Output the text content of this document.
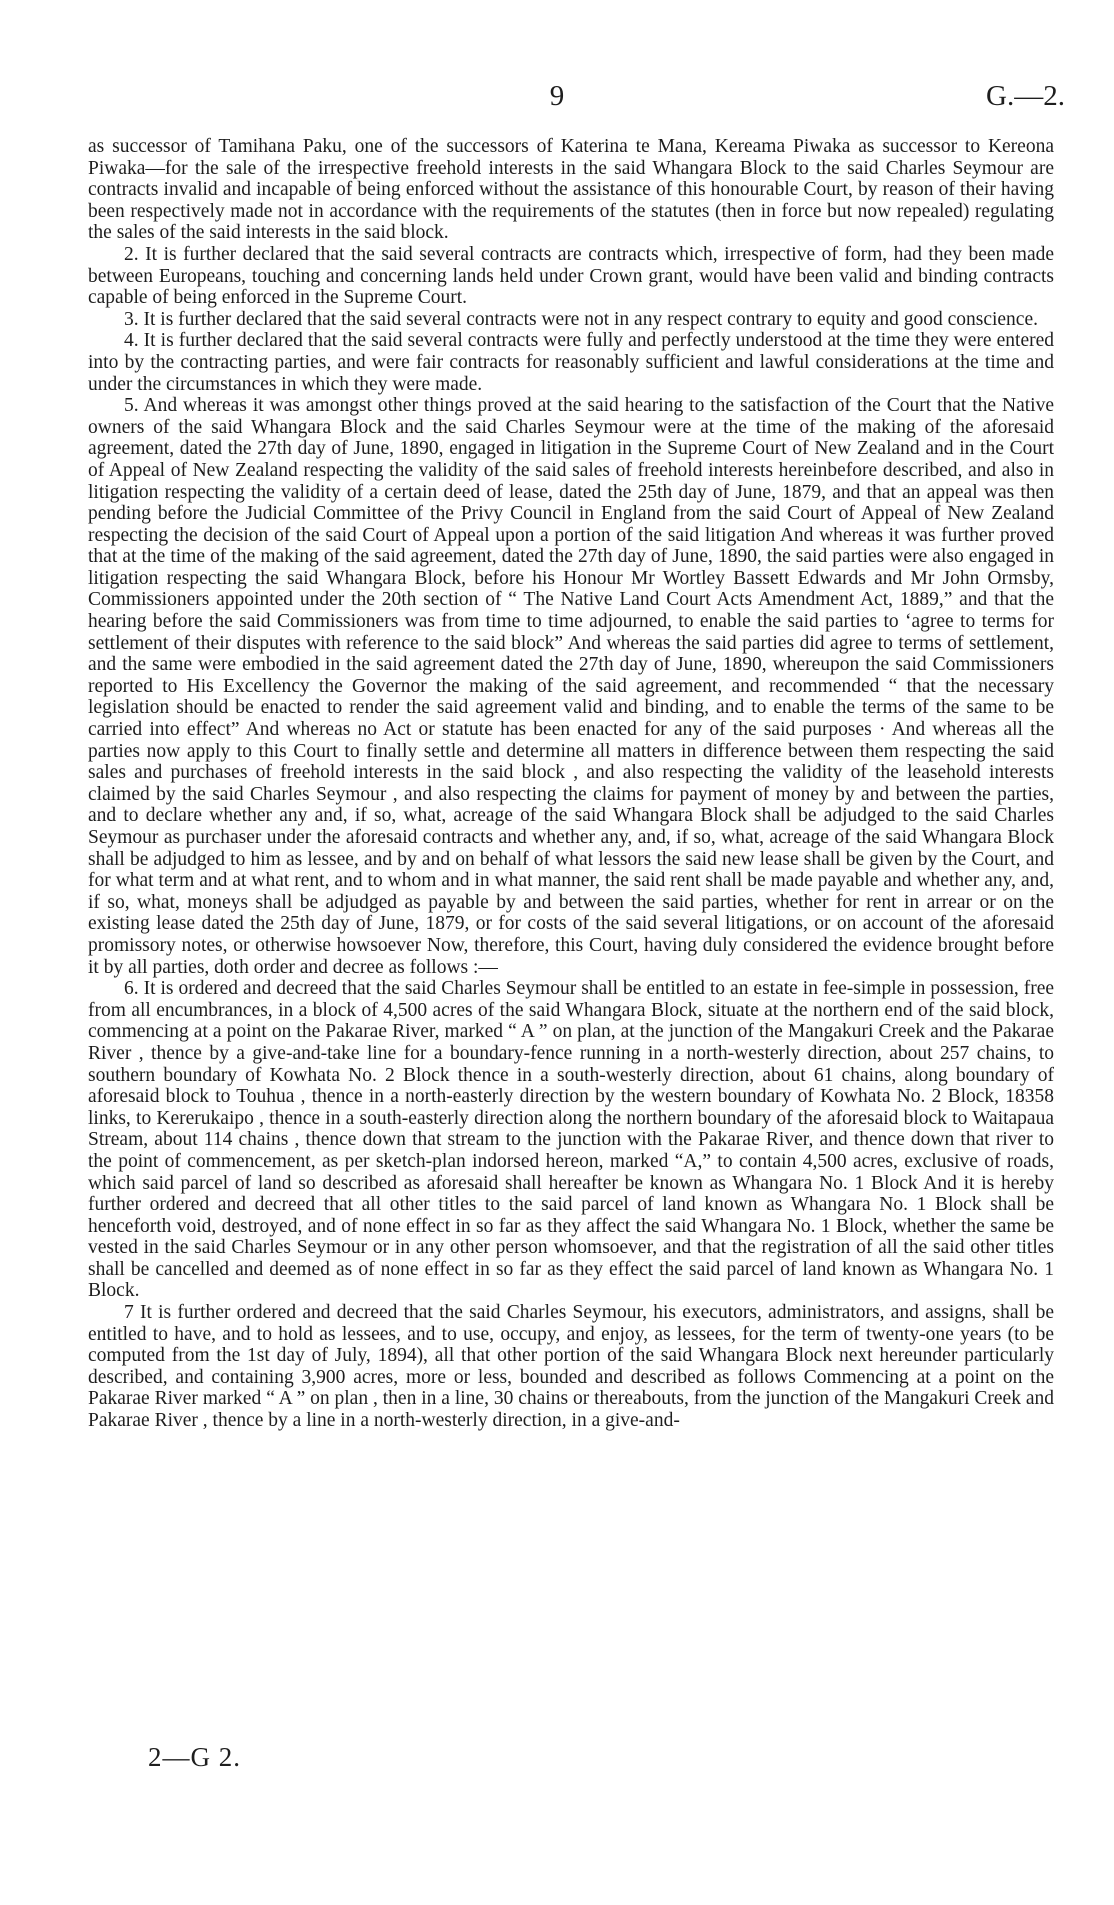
9	G.—2.

as successor of Tamihana Paku, one of the successors of Katerina te Mana, Kereama Piwaka as successor to Kereona Piwaka—for the sale of the irrespective freehold interests in the said Whangara Block to the said Charles Seymour are contracts invalid and incapable of being enforced without the assistance of this honourable Court, by reason of their having been respectively made not in accordance with the requirements of the statutes (then in force but now repealed) regulating the sales of the said interests in the said block.

2. It is further declared that the said several contracts are contracts which, irrespective of form, had they been made between Europeans, touching and concerning lands held under Crown grant, would have been valid and binding contracts capable of being enforced in the Supreme Court.

3. It is further declared that the said several contracts were not in any respect contrary to equity and good conscience.

4. It is further declared that the said several contracts were fully and perfectly understood at the time they were entered into by the contracting parties, and were fair contracts for reasonably sufficient and lawful considerations at the time and under the circumstances in which they were made.

5. And whereas it was amongst other things proved at the said hearing to the satisfaction of the Court that the Native owners of the said Whangara Block and the said Charles Seymour were at the time of the making of the aforesaid agreement, dated the 27th day of June, 1890, engaged in litigation in the Supreme Court of New Zealand and in the Court of Appeal of New Zealand respecting the validity of the said sales of freehold interests hereinbefore described, and also in litigation respecting the validity of a certain deed of lease, dated the 25th day of June, 1879, and that an appeal was then pending before the Judicial Committee of the Privy Council in England from the said Court of Appeal of New Zealand respecting the decision of the said Court of Appeal upon a portion of the said litigation And whereas it was further proved that at the time of the making of the said agreement, dated the 27th day of June, 1890, the said parties were also engaged in litigation respecting the said Whangara Block, before his Honour Mr Wortley Bassett Edwards and Mr John Ormsby, Commissioners appointed under the 20th section of “ The Native Land Court Acts Amendment Act, 1889,” and that the hearing before the said Commissioners was from time to time adjourned, to enable the said parties to ‘agree to terms for settlement of their disputes with reference to the said block” And whereas the said parties did agree to terms of settlement, and the same were embodied in the said agreement dated the 27th day of June, 1890, whereupon the said Commissioners reported to His Excellency the Governor the making of the said agreement, and recommended “ that the necessary legislation should be enacted to render the said agreement valid and binding, and to enable the terms of the same to be carried into effect” And whereas no Act or statute has been enacted for any of the said purposes · And whereas all the parties now apply to this Court to finally settle and determine all matters in difference between them respecting the said sales and purchases of freehold interests in the said block , and also respecting the validity of the leasehold interests claimed by the said Charles Seymour , and also respecting the claims for payment of money by and between the parties, and to declare whether any and, if so, what, acreage of the said Whangara Block shall be adjudged to the said Charles Seymour as purchaser under the aforesaid contracts and whether any, and, if so, what, acreage of the said Whangara Block shall be adjudged to him as lessee, and by and on behalf of what lessors the said new lease shall be given by the Court, and for what term and at what rent, and to whom and in what manner, the said rent shall be made payable and whether any, and, if so, what, moneys shall be adjudged as payable by and between the said parties, whether for rent in arrear or on the existing lease dated the 25th day of June, 1879, or for costs of the said several litigations, or on account of the aforesaid promissory notes, or otherwise howsoever Now, therefore, this Court, having duly considered the evidence brought before it by all parties, doth order and decree as follows :—

6. It is ordered and decreed that the said Charles Seymour shall be entitled to an estate in fee-simple in possession, free from all encumbrances, in a block of 4,500 acres of the said Whangara Block, situate at the northern end of the said block, commencing at a point on the Pakarae River, marked “ A ” on plan, at the junction of the Mangakuri Creek and the Pakarae River , thence by a give-and-take line for a boundary-fence running in a north-westerly direction, about 257 chains, to southern boundary of Kowhata No. 2 Block thence in a south-westerly direction, about 61 chains, along boundary of aforesaid block to Touhua , thence in a north-easterly direction by the western boundary of Kowhata No. 2 Block, 18358 links, to Kererukaipo , thence in a south-easterly direction along the northern boundary of the aforesaid block to Waitapaua Stream, about 114 chains , thence down that stream to the junction with the Pakarae River, and thence down that river to the point of commencement, as per sketch-plan indorsed hereon, marked “A,” to contain 4,500 acres, exclusive of roads, which said parcel of land so described as aforesaid shall hereafter be known as Whangara No. 1 Block And it is hereby further ordered and decreed that all other titles to the said parcel of land known as Whangara No. 1 Block shall be henceforth void, destroyed, and of none effect in so far as they affect the said Whangara No. 1 Block, whether the same be vested in the said Charles Seymour or in any other person whomsoever, and that the registration of all the said other titles shall be cancelled and deemed as of none effect in so far as they effect the said parcel of land known as Whangara No. 1 Block.

7 It is further ordered and decreed that the said Charles Seymour, his executors, administrators, and assigns, shall be entitled to have, and to hold as lessees, and to use, occupy, and enjoy, as lessees, for the term of twenty-one years (to be computed from the 1st day of July, 1894), all that other portion of the said Whangara Block next hereunder particularly described, and containing 3,900 acres, more or less, bounded and described as follows Commencing at a point on the Pakarae River marked “ A ” on plan , then in a line, 30 chains or thereabouts, from the junction of the Mangakuri Creek and Pakarae River , thence by a line in a north-westerly direction, in a give-and-

2—G 2.
